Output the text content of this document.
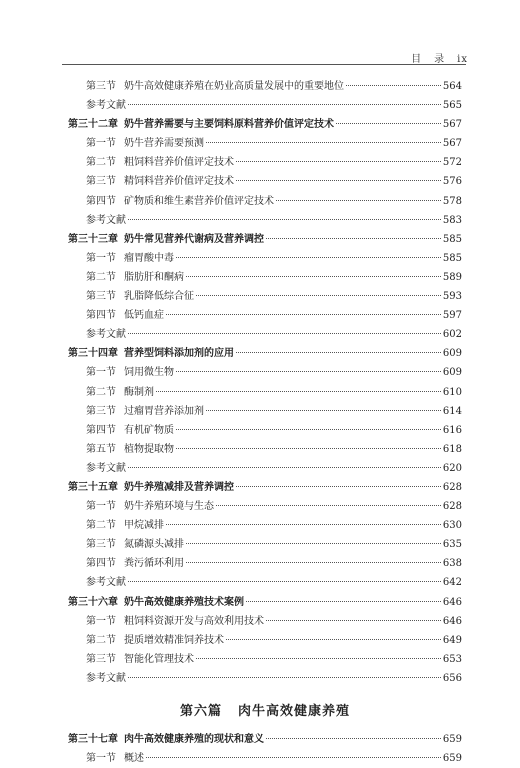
目 录 ix
第三节 奶牛高效健康养殖在奶业高质量发展中的重要地位	564
参考文献	565
第三十二章 奶牛营养需要与主要饲料原料营养价值评定技术	567
第一节 奶牛营养需要预测	567
第二节 粗饲料营养价值评定技术	572
第三节 精饲料营养价值评定技术	576
第四节 矿物质和维生素营养价值评定技术	578
参考文献	583
第三十三章 奶牛常见营养代谢病及营养调控	585
第一节 瘤胃酸中毒	585
第二节 脂肪肝和酮病	589
第三节 乳脂降低综合征	593
第四节 低钙血症	597
参考文献	602
第三十四章 营养型饲料添加剂的应用	609
第一节 饲用微生物	609
第二节 酶制剂	610
第三节 过瘤胃营养添加剂	614
第四节 有机矿物质	616
第五节 植物提取物	618
参考文献	620
第三十五章 奶牛养殖减排及营养调控	628
第一节 奶牛养殖环境与生态	628
第二节 甲烷减排	630
第三节 氮磷源头减排	635
第四节 粪污循环利用	638
参考文献	642
第三十六章 奶牛高效健康养殖技术案例	646
第一节 粗饲料资源开发与高效利用技术	646
第二节 提质增效精准饲养技术	649
第三节 智能化管理技术	653
参考文献	656
第六篇 肉牛高效健康养殖
第三十七章 肉牛高效健康养殖的现状和意义	659
第一节 概述	659
